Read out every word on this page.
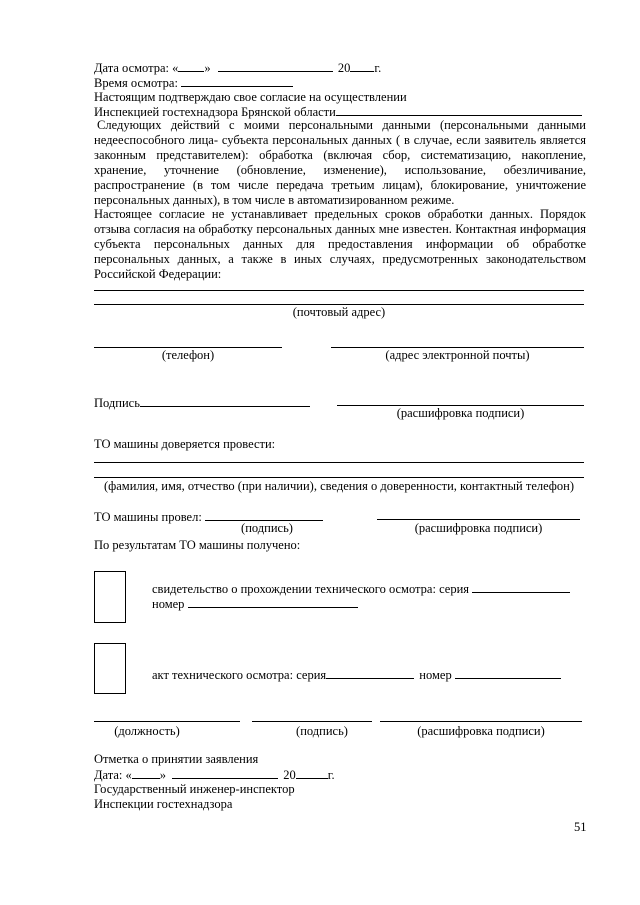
Дата осмотра: « »	20 г.
Время осмотра:
Настоящим подтверждаю свое согласие на осуществлении
Инспекцией гостехнадзора Брянской области
Следующих действий с моими персональными данными (персональными данными недееспособного лица- субъекта персональных данных ( в случае, если заявитель является законным представителем): обработка (включая сбор, систематизацию, накопление, хранение, уточнение (обновление, изменение), использование, обезличивание, распространение (в том числе передача третьим лицам), блокирование, уничтожение персональных данных), в том числе в автоматизированном режиме.
Настоящее согласие не устанавливает предельных сроков обработки данных. Порядок отзыва согласия на обработку персональных данных мне известен. Контактная информация субъекта персональных данных для предоставления информации об обработке персональных данных, а также в иных случаях, предусмотренных законодательством Российской Федерации:
(почтовый адрес)
(телефон)	(адрес электронной почты)
Подпись
(расшифровка подписи)
ТО машины доверяется провести:
(фамилия, имя, отчество (при наличии), сведения о доверенности, контактный телефон)
ТО машины провел:
(подпись)	(расшифровка подписи)
По результатам ТО машины получено:
свидетельство о прохождении технического осмотра: серия
номер
акт технического осмотра: серия	номер
(должность)	(подпись)	(расшифровка подписи)
Отметка о принятии заявления
Дата: « »	20	г.
Государственный инженер-инспектор
Инспекции гостехнадзора
51
